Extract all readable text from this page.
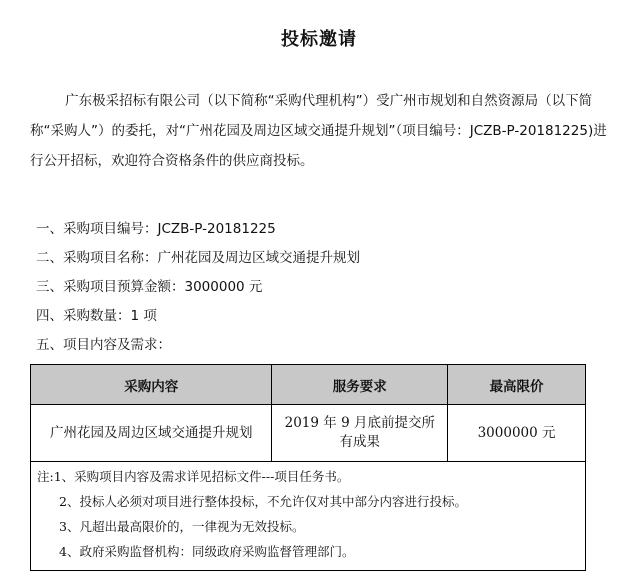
投标邀请

广东极采招标有限公司（以下简称“采购代理机构”）受广州市规划和自然资源局（以下简称“采购人”）的委托，对“广州花园及周边区域交通提升规划”（项目编号：JCZB-P-20181225)进行公开招标，欢迎符合资格条件的供应商投标。

一、采购项目编号：JCZB-P-20181225
二、采购项目名称：广州花园及周边区域交通提升规划
三、采购项目预算金额：3000000 元
四、采购数量：1 项
五、项目内容及需求：
采购内容	服务要求	最高限价
广州花园及周边区域交通提升规划	2019 年 9 月底前提交所有成果	3000000 元

注:1、采购项目内容及需求详见招标文件---项目任务书。
2、投标人必须对项目进行整体投标，不允许仅对其中部分内容进行投标。
3、凡超出最高限价的，一律视为无效投标。
4、政府采购监督机构：同级政府采购监督管理部门。		
